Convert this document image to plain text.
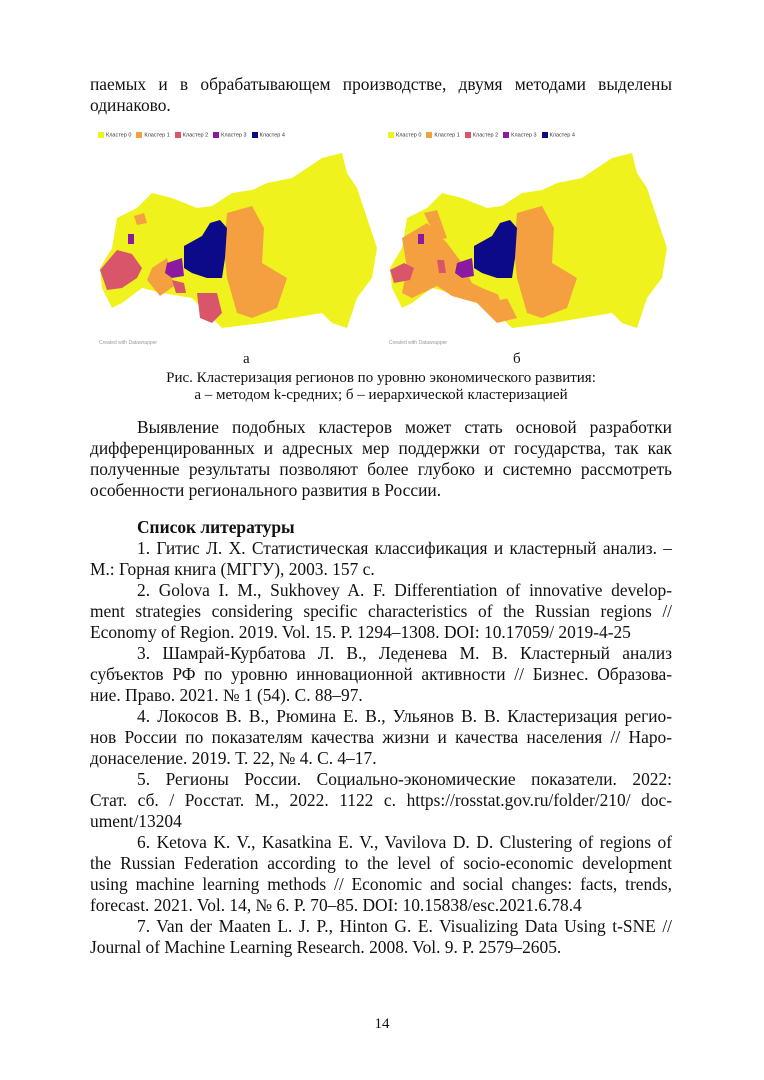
паемых и в обрабатывающем производстве, двумя методами выделены
одинаково.
Кластер 0	Кластер 1	Кластер 2	Кластер 3	Кластер 4
Created with Datawrapper
Кластер 0	Кластер 1	Кластер 2	Кластер 3	Кластер 4
Created with Datawrapper
а	б
Рис. Кластеризация регионов по уровню экономического развития:
а – методом k-средних; б – иерархической кластеризацией
Выявление подобных кластеров может стать основой разработки
дифференцированных и адресных мер поддержки от государства, так как
полученные результаты позволяют более глубоко и системно рассмотреть
особенности регионального развития в России.
Список литературы
1. Гитис Л. Х. Статистическая классификация и кластерный анализ. –
М.: Горная книга (МГГУ), 2003. 157 с.
2. Golova I. M., Sukhovey A. F. Differentiation of innovative develop-
ment strategies considering specific characteristics of the Russian regions //
Economy of Region. 2019. Vol. 15. P. 1294–1308. DOI: 10.17059/ 2019-4-25
3. Шамрай-Курбатова Л. В., Леденева М. В. Кластерный анализ
субъектов РФ по уровню инновационной активности // Бизнес. Образова-
ние. Право. 2021. № 1 (54). С. 88–97.
4. Локосов В. В., Рюмина Е. В., Ульянов В. В. Кластеризация регио-
нов России по показателям качества жизни и качества населения // Наро-
донаселение. 2019. Т. 22, № 4. С. 4–17.
5. Регионы России. Социально-экономические показатели. 2022:
Стат. сб. / Росстат. М., 2022. 1122 с. https://rosstat.gov.ru/folder/210/ doc-
ument/13204
6. Ketova K. V., Kasatkina E. V., Vavilova D. D. Clustering of regions of
the Russian Federation according to the level of socio-economic development
using machine learning methods // Economic and social changes: facts, trends,
forecast. 2021. Vol. 14, № 6. P. 70–85. DOI: 10.15838/esc.2021.6.78.4
7. Van der Maaten L. J. P., Hinton G. E. Visualizing Data Using t-SNE //
Journal of Machine Learning Research. 2008. Vol. 9. P. 2579–2605.
14
